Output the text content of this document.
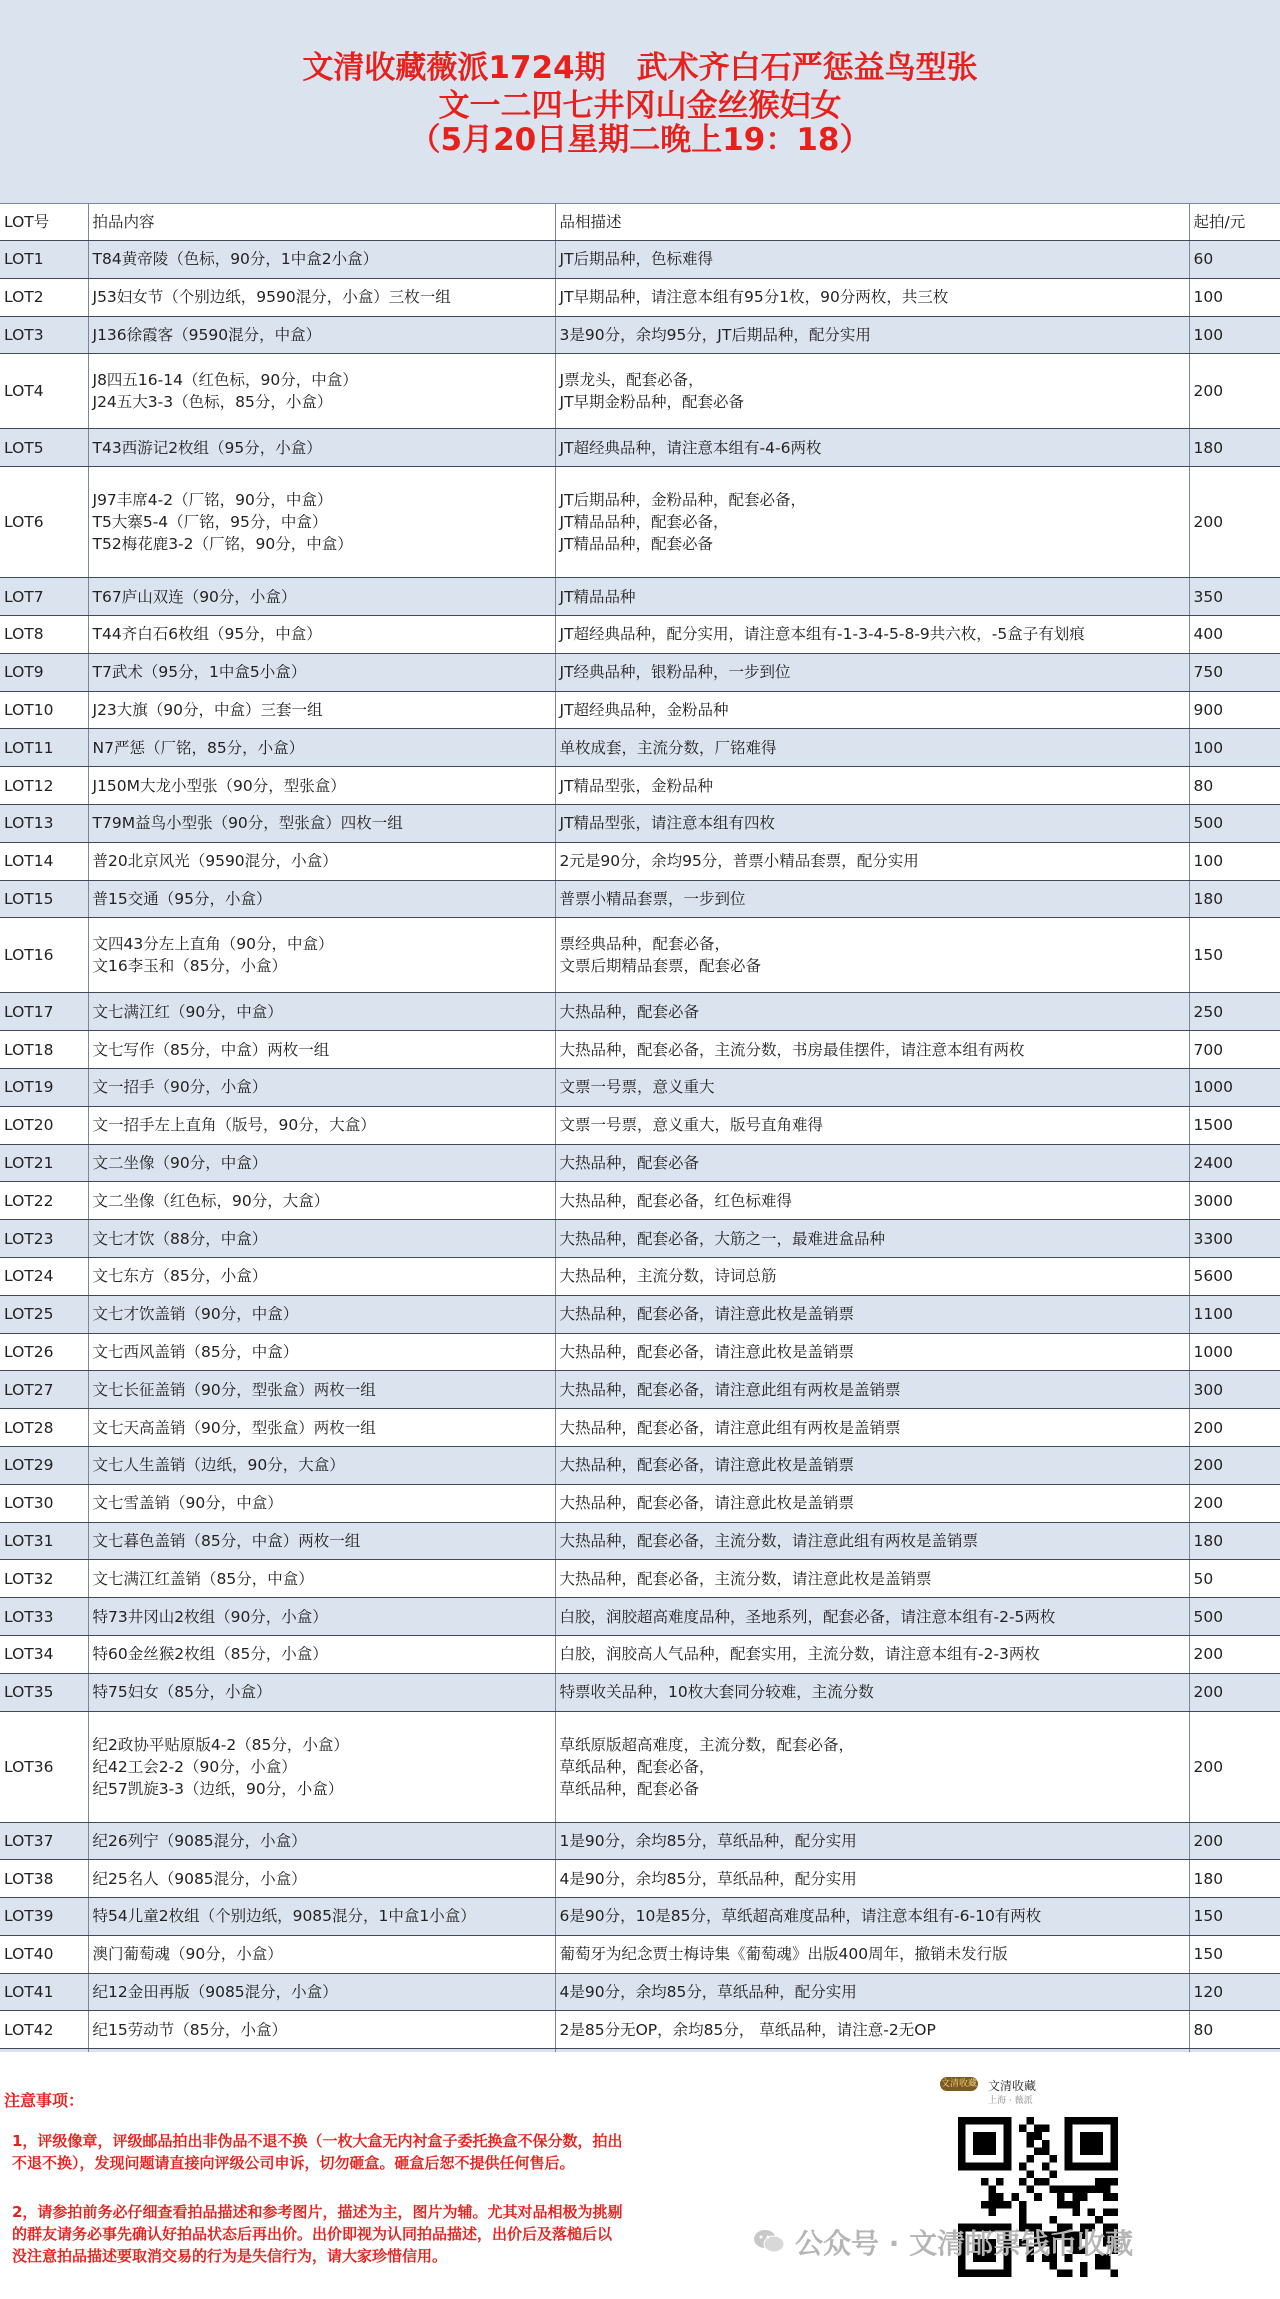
文清收藏薇派1724期　武术齐白石严惩益鸟型张
文一二四七井冈山金丝猴妇女
（5月20日星期二晚上19：18）
LOT号	拍品内容	品相描述	起拍/元
LOT1	T84黄帝陵（色标，90分，1中盒2小盒）	JT后期品种，色标难得	60
LOT2	J53妇女节（个别边纸，9590混分，小盒）三枚一组	JT早期品种，请注意本组有95分1枚，90分两枚，共三枚	100
LOT3	J136徐霞客（9590混分，中盒）	3是90分，余均95分，JT后期品种，配分实用	100
LOT4	J8四五16-14（红色标，90分，中盒）
J24五大3-3（色标，85分，小盒）	J票龙头，配套必备，
JT早期金粉品种，配套必备	200
LOT5	T43西游记2枚组（95分，小盒）	JT超经典品种，请注意本组有-4-6两枚	180
LOT6	J97丰席4-2（厂铭，90分，中盒）
T5大寨5-4（厂铭，95分，中盒）
T52梅花鹿3-2（厂铭，90分，中盒）	JT后期品种，金粉品种，配套必备，
JT精品品种，配套必备，
JT精品品种，配套必备	200
LOT7	T67庐山双连（90分，小盒）	JT精品品种	350
LOT8	T44齐白石6枚组（95分，中盒）	JT超经典品种，配分实用，请注意本组有-1-3-4-5-8-9共六枚，-5盒子有划痕	400
LOT9	T7武术（95分，1中盒5小盒）	JT经典品种，银粉品种，一步到位	750
LOT10	J23大旗（90分，中盒）三套一组	JT超经典品种，金粉品种	900
LOT11	N7严惩（厂铭，85分，小盒）	单枚成套，主流分数，厂铭难得	100
LOT12	J150M大龙小型张（90分，型张盒）	JT精品型张，金粉品种	80
LOT13	T79M益鸟小型张（90分，型张盒）四枚一组	JT精品型张，请注意本组有四枚	500
LOT14	普20北京风光（9590混分，小盒）	2元是90分，余均95分，普票小精品套票，配分实用	100
LOT15	普15交通（95分，小盒）	普票小精品套票，一步到位	180
LOT16	文四43分左上直角（90分，中盒）
文16李玉和（85分，小盒）	票经典品种，配套必备，
文票后期精品套票，配套必备	150
LOT17	文七满江红（90分，中盒）	大热品种，配套必备	250
LOT18	文七写作（85分，中盒）两枚一组	大热品种，配套必备，主流分数，书房最佳摆件，请注意本组有两枚	700
LOT19	文一招手（90分，小盒）	文票一号票，意义重大	1000
LOT20	文一招手左上直角（版号，90分，大盒）	文票一号票，意义重大，版号直角难得	1500
LOT21	文二坐像（90分，中盒）	大热品种，配套必备	2400
LOT22	文二坐像（红色标，90分，大盒）	大热品种，配套必备，红色标难得	3000
LOT23	文七才饮（88分，中盒）	大热品种，配套必备，大筋之一，最难进盒品种	3300
LOT24	文七东方（85分，小盒）	大热品种，主流分数，诗词总筋	5600
LOT25	文七才饮盖销（90分，中盒）	大热品种，配套必备，请注意此枚是盖销票	1100
LOT26	文七西风盖销（85分，中盒）	大热品种，配套必备，请注意此枚是盖销票	1000
LOT27	文七长征盖销（90分，型张盒）两枚一组	大热品种，配套必备，请注意此组有两枚是盖销票	300
LOT28	文七天高盖销（90分，型张盒）两枚一组	大热品种，配套必备，请注意此组有两枚是盖销票	200
LOT29	文七人生盖销（边纸，90分，大盒）	大热品种，配套必备，请注意此枚是盖销票	200
LOT30	文七雪盖销（90分，中盒）	大热品种，配套必备，请注意此枚是盖销票	200
LOT31	文七暮色盖销（85分，中盒）两枚一组	大热品种，配套必备，主流分数，请注意此组有两枚是盖销票	180
LOT32	文七满江红盖销（85分，中盒）	大热品种，配套必备，主流分数，请注意此枚是盖销票	50
LOT33	特73井冈山2枚组（90分，小盒）	白胶，润胶超高难度品种，圣地系列，配套必备，请注意本组有-2-5两枚	500
LOT34	特60金丝猴2枚组（85分，小盒）	白胶，润胶高人气品种，配套实用，主流分数，请注意本组有-2-3两枚	200
LOT35	特75妇女（85分，小盒）	特票收关品种，10枚大套同分较难，主流分数	200
LOT36	纪2政协平贴原版4-2（85分，小盒）
纪42工会2-2（90分，小盒）
纪57凯旋3-3（边纸，90分，小盒）	草纸原版超高难度，主流分数，配套必备，
草纸品种，配套必备，
草纸品种，配套必备	200
LOT37	纪26列宁（9085混分，小盒）	1是90分，余均85分，草纸品种，配分实用	200
LOT38	纪25名人（9085混分，小盒）	4是90分，余均85分，草纸品种，配分实用	180
LOT39	特54儿童2枚组（个别边纸，9085混分，1中盒1小盒）	6是90分，10是85分，草纸超高难度品种，请注意本组有-6-10有两枚	150
LOT40	澳门葡萄魂（90分，小盒）	葡萄牙为纪念贾士梅诗集《葡萄魂》出版400周年，撤销未发行版	150
LOT41	纪12金田再版（9085混分，小盒）	4是90分，余均85分，草纸品种，配分实用	120
LOT42	纪15劳动节（85分，小盒）	2是85分无OP，余均85分， 草纸品种，请注意-2无OP	80

注意事项：
1，评级像章，评级邮品拍出非伪品不退不换（一枚大盒无内衬盒子委托换盒不保分数，拍出
不退不换），发现问题请直接向评级公司申诉，切勿砸盒。砸盒后恕不提供任何售后。
2，请参拍前务必仔细查看拍品描述和参考图片，描述为主，图片为辅。尤其对品相极为挑剔
的群友请务必事先确认好拍品状态后再出价。出价即视为认同拍品描述，出价后及落槌后以
没注意拍品描述要取消交易的行为是失信行为，请大家珍惜信用。
文清收藏 文清收藏
上海 · 薇派
公众号 · 文清邮票钱币收藏
